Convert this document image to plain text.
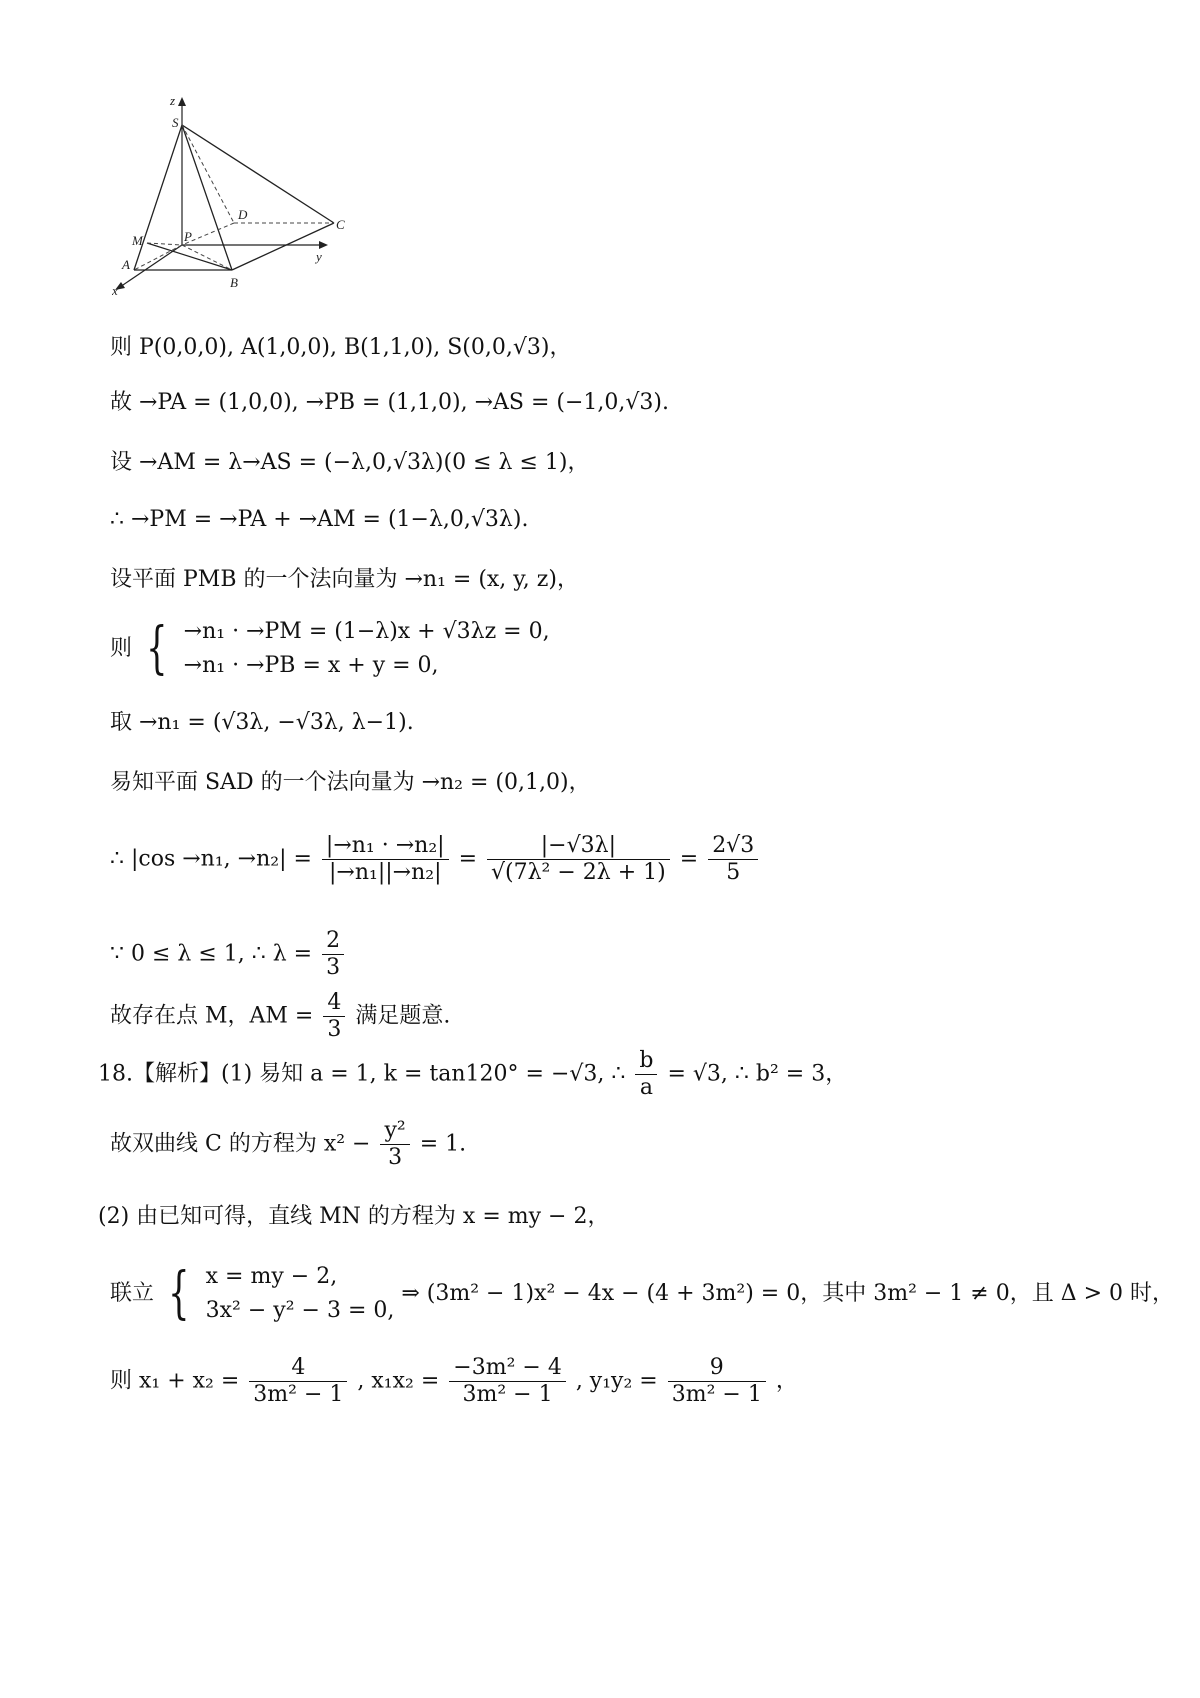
z
S
D
C
M	P
y
A
B
x
则 P(0,0,0), A(1,0,0), B(1,1,0), S(0,0,√3)，
故 →PA = (1,0,0), →PB = (1,1,0), →AS = (−1,0,√3).
设 →AM = λ→AS = (−λ,0,√3λ)(0 ≤ λ ≤ 1)，
∴ →PM = →PA + →AM = (1−λ,0,√3λ).
设平面 PMB 的一个法向量为 →n₁ = (x, y, z)，
则 { →n₁ · →PM = (1−λ)x + √3λz = 0,
→n₁ · →PB = x + y = 0,
取 →n₁ = (√3λ, −√3λ, λ−1).
易知平面 SAD 的一个法向量为 →n₂ = (0,1,0)，
∴ |cos →n₁, $\to n_2| = \frac{\text{|→n₁ · →n₂|}}{\text{|→n₁||→n₂|}} = \frac{|-√3\lambda|}{\text{√(7λ² − 2λ + 1)}} = \frac{2√3}{5}$
∵ 0 ≤ λ ≤ 1, ∴ $\lambda = \frac{2}{3}$
故存在点 M，AM = $\frac{4}{3}$ 满足题意.
18.【解析】(1) 易知 a = 1, k = tan120° = −√3, ∴ $\frac{b}{a} = √3$, ∴ b² = 3，
故双曲线 C 的方程为 $x^2 - \frac{\text{y²}}{3} = 1$.
(2) 由已知可得，直线 MN 的方程为 x = my − 2，
联立 { x = my − 2,
3x² − y² − 3 = 0,
⇒ (3m² − 1)x² − 4x − (4 + 3m²) = 0，其中 3m² − 1 ≠ 0，且 Δ > 0 时，
则 $x_1 + x_2 = \frac{4}{\text{3m² − 1}}$ , $x_1x_2 = \frac{\text{−3m² − 4}}{\text{3m² − 1}}$ , $y_1y_2 = \frac{9}{\text{3m² − 1}}$ ，
